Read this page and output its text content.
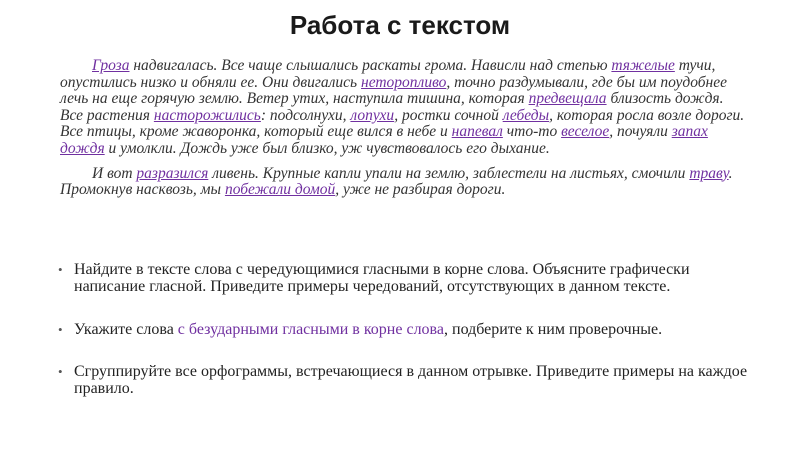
Работа с текстом

Гроза надвигалась. Все чаще слышались раскаты грома. Нависли над степью тяжелые тучи, опустились низко и обняли ее. Они двигались неторопливо, точно раздумывали, где бы им поудобнее лечь на еще горячую землю. Ветер утих, наступила тишина, которая предвещала близость дождя. Все растения насторожились: подсолнухи, лопухи, ростки сочной лебеды, которая росла возле дороги. Все птицы, кроме жаворонка, который еще вился в небе и напевал что-то веселое, почуяли запах дождя и умолкли. Дождь уже был близко, уж чувствовалось его дыхание.

И вот разразился ливень. Крупные капли упали на землю, заблестели на листьях, смочили траву. Промокнув насквозь, мы побежали домой, уже не разбирая дороги.

• Найдите в тексте слова с чередующимися гласными в корне слова. Объясните графически написание гласной. Приведите примеры чередований, отсутствующих в данном тексте.
• Укажите слова с безударными гласными в корне слова, подберите к ним проверочные.
• Сгруппируйте все орфограммы, встречающиеся в данном отрывке. Приведите примеры на каждое правило.
